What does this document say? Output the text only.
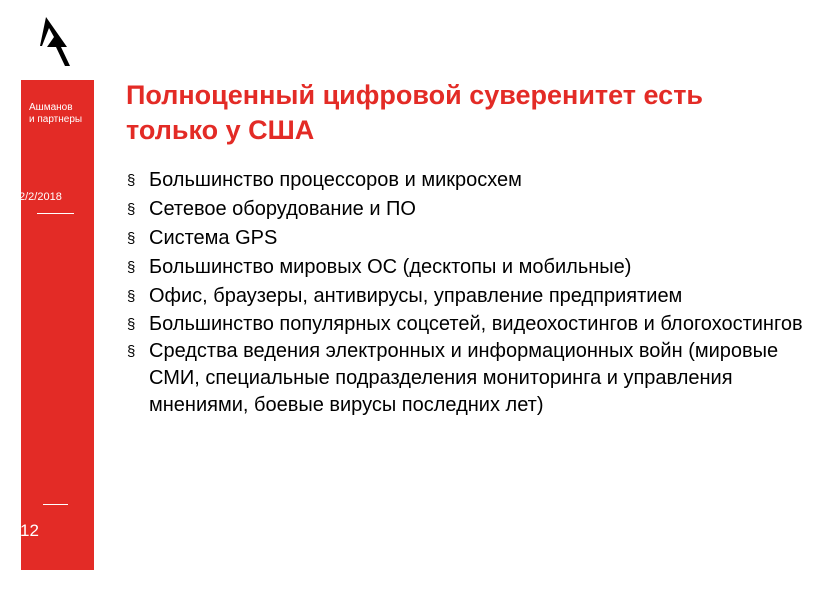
Ашманов
и партнеры
2/2/2018
12
Полноценный цифровой суверенитет есть только у США
§ Большинство процессоров и микросхем
§ Сетевое оборудование и ПО
§ Система GPS
§ Большинство мировых ОС (десктопы и мобильные)
§ Офис, браузеры, антивирусы, управление предприятием
§ Большинство популярных соцсетей, видеохостингов и блогохостингов
§ Средства ведения электронных и информационных войн (мировые СМИ, специальные подразделения мониторинга и управления мнениями, боевые вирусы последних лет)
